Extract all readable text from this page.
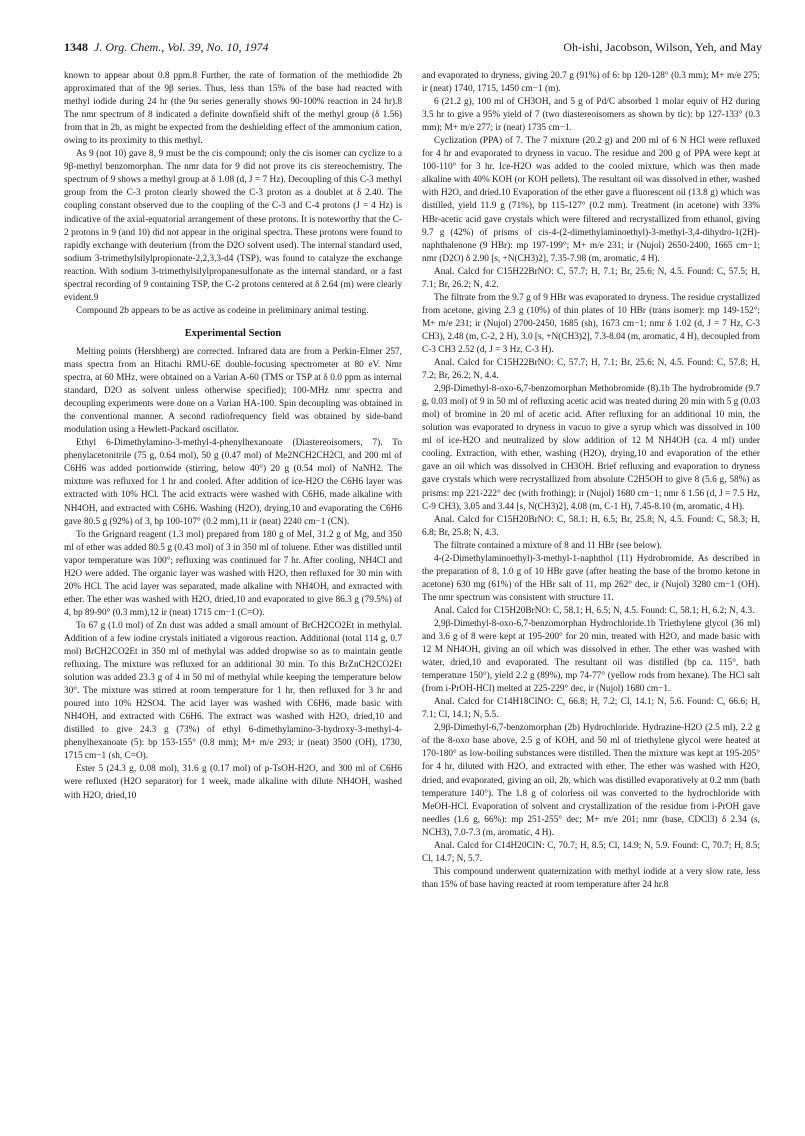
1348 J. Org. Chem., Vol. 39, No. 10, 1974	Oh-ishi, Jacobson, Wilson, Yeh, and May

known to appear about 0.8 ppm.8 Further, the rate of formation of the methiodide 2b approximated that of the 9β series. Thus, less than 15% of the base had reacted with methyl iodide during 24 hr (the 9α series generally shows 90-100% reaction in 24 hr).8 The nmr spectrum of 8 indicated a definite downfield shift of the methyl group (δ 1.56) from that in 2b, as might be expected from the deshielding effect of the ammonium cation, owing to its proximity to this methyl.

As 9 (not 10) gave 8, 9 must be the cis compound; only the cis isomer can cyclize to a 9β-methyl benzomorphan. The nmr data for 9 did not prove its cis stereochemistry. The spectrum of 9 shows a methyl group at δ 1.08 (d, J = 7 Hz). Decoupling of this C-3 methyl group from the C-3 proton clearly showed the C-3 proton as a doublet at δ 2.40. The coupling constant observed due to the coupling of the C-3 and C-4 protons (J = 4 Hz) is indicative of the axial-equatorial arrangement of these protons. It is noteworthy that the C-2 protons in 9 (and 10) did not appear in the original spectra. These protons were found to rapidly exchange with deuterium (from the D2O solvent used). The internal standard used, sodium 3-trimethylsilylpropionate-2,2,3,3-d4 (TSP), was found to catalyze the exchange reaction. With sodium 3-trimethylsilylpropanesulfonate as the internal standard, or a fast spectral recording of 9 containing TSP, the C-2 protons centered at δ 2.64 (m) were clearly evident.9

Compound 2b appears to be as active as codeine in preliminary animal testing.

Experimental Section

Melting points (Hershberg) are corrected. Infrared data are from a Perkin-Elmer 257, mass spectra from an Hitachi RMU-6E double-focusing spectrometer at 80 eV. Nmr spectra, at 60 MHz, were obtained on a Varian A-60 (TMS or TSP at δ 0.0 ppm as internal standard, D2O as solvent unless otherwise specified); 100-MHz nmr spectra and decoupling experiments were done on a Varian HA-100. Spin decoupling was obtained in the conventional manner. A second radiofrequency field was obtained by side-band modulation using a Hewlett-Packard oscillator.

Ethyl 6-Dimethylamino-3-methyl-4-phenylhexanoate (Diastereoisomers, 7). To phenylacetonitrile (75 g, 0.64 mol), 50 g (0.47 mol) of Me2NCH2CH2Cl, and 200 ml of C6H6 was added portionwide (stirring, below 40°) 20 g (0.54 mol) of NaNH2. The mixture was refluxed for 1 hr and cooled. After addition of ice-H2O the C6H6 layer was extracted with 10% HCl. The acid extracts were washed with C6H6, made alkaline with NH4OH, and extracted with C6H6. Washing (H2O), drying,10 and evaporating the C6H6 gave 80.5 g (92%) of 3, bp 100-107° (0.2 mm),11 ir (neat) 2240 cm−1 (CN).

To the Grignard reagent (1.3 mol) prepared from 180 g of MeI, 31.2 g of Mg, and 350 ml of ether was added 80.5 g (0.43 mol) of 3 in 350 ml of toluene. Ether was distilled until vapor temperature was 100°; refluxing was continued for 7 hr. After cooling, NH4Cl and H2O were added. The organic layer was washed with H2O, then refluxed for 30 min with 20% HCl. The acid layer was separated, made alkaline with NH4OH, and extracted with ether. The ether was washed with H2O, dried,10 and evaporated to give 86.3 g (79.5%) of 4, bp 89-90° (0.3 mm),12 ir (neat) 1715 cm−1 (C=O).

To 67 g (1.0 mol) of Zn dust was added a small amount of BrCH2CO2Et in methylal. Addition of a few iodine crystals initiated a vigorous reaction. Additional (total 114 g, 0.7 mol) BrCH2CO2Et in 350 ml of methylal was added dropwise so as to maintain gentle refluxing. The mixture was refluxed for an additional 30 min. To this BrZnCH2CO2Et solution was added 23.3 g of 4 in 50 ml of methylal while keeping the temperature below 30°. The mixture was stirred at room temperature for 1 hr, then refluxed for 3 hr and poured into 10% H2SO4. The acid layer was washed with C6H6, made basic with NH4OH, and extracted with C6H6. The extract was washed with H2O, dried,10 and distilled to give 24.3 g (73%) of ethyl 6-dimethylamino-3-hydroxy-3-methyl-4-phenylhexanoate (5): bp 153-155° (0.8 mm); M+ m/e 293; ir (neat) 3500 (OH), 1730, 1715 cm−1 (sh, C=O).

Ester 5 (24.3 g, 0.08 mol), 31.6 g (0.17 mol) of p-TsOH-H2O, and 300 ml of C6H6 were refluxed (H2O separator) for 1 week, made alkaline with dilute NH4OH, washed with H2O, dried,10

and evaporated to dryness, giving 20.7 g (91%) of 6: bp 120-128° (0.3 mm); M+ m/e 275; ir (neat) 1740, 1715, 1450 cm−1 (m).

6 (21.2 g), 100 ml of CH3OH, and 5 g of Pd/C absorbed 1 molar equiv of H2 during 3.5 hr to give a 95% yield of 7 (two diastereoisomers as shown by tlc): bp 127-133° (0.3 mm); M+ m/e 277; ir (neat) 1735 cm−1.

Cyclization (PPA) of 7. The 7 mixture (20.2 g) and 200 ml of 6 N HCl were refluxed for 4 hr and evaporated to dryness in vacuo. The residue and 200 g of PPA were kept at 100-110° for 3 hr. Ice-H2O was added to the cooled mixture, which was then made alkaline with 40% KOH (or KOH pellets). The resultant oil was dissolved in ether, washed with H2O, and dried.10 Evaporation of the ether gave a fluorescent oil (13.8 g) which was distilled, yield 11.9 g (71%), bp 115-127° (0.2 mm). Treatment (in acetone) with 33% HBr-acetic acid gave crystals which were filtered and recrystallized from ethanol, giving 9.7 g (42%) of prisms of cis-4-(2-dimethylaminoethyl)-3-methyl-3,4-dihydro-1(2H)-naphthalenone (9 HBr): mp 197-199°; M+ m/e 231; ir (Nujol) 2650-2400, 1665 cm−1; nmr (D2O) δ 2.90 [s, +N(CH3)2], 7.35-7.98 (m, aromatic, 4 H).

Anal. Calcd for C15H22BrNO: C, 57.7; H, 7.1; Br, 25.6; N, 4.5. Found: C, 57.5; H, 7.1; Br, 26.2; N, 4.2.

The filtrate from the 9.7 g of 9 HBr was evaporated to dryness. The residue crystallized from acetone, giving 2.3 g (10%) of thin plates of 10 HBr (trans isomer): mp 149-152°; M+ m/e 231; ir (Nujol) 2700-2450, 1685 (sh), 1673 cm−1; nmr δ 1.02 (d, J = 7 Hz, C-3 CH3), 2.48 (m, C-2, 2 H), 3.0 [s, +N(CH3)2], 7.3-8.04 (m, aromatic, 4 H), decoupled from C-3 CH3 2.52 (d, J = 3 Hz, C-3 H).

Anal. Calcd for C15H22BrNO: C, 57.7; H, 7.1; Br, 25.6; N, 4.5. Found: C, 57.8; H, 7.2; Br, 26.2; N, 4.4.

2,9β-Dimethyl-8-oxo-6,7-benzomorphan Methobromide (8).1b The hydrobromide (9.7 g, 0.03 mol) of 9 in 50 ml of refluxing acetic acid was treated during 20 min with 5 g (0.03 mol) of bromine in 20 ml of acetic acid. After refluxing for an additional 10 min, the solution was evaporated to dryness in vacuo to give a syrup which was dissolved in 100 ml of ice-H2O and neutralized by slow addition of 12 M NH4OH (ca. 4 ml) under cooling. Extraction, with ether, washing (H2O), drying,10 and evaporation of the ether gave an oil which was dissolved in CH3OH. Brief refluxing and evaporation to dryness gave crystals which were recrystallized from absolute C2H5OH to give 8 (5.6 g, 58%) as prisms: mp 221-222° dec (with frothing); ir (Nujol) 1680 cm−1; nmr δ 1.56 (d, J = 7.5 Hz, C-9 CH3), 3.05 and 3.44 [s, N(CH3)2], 4.08 (m, C-1 H), 7.45-8.10 (m, aromatic, 4 H).

Anal. Calcd for C15H20BrNO: C, 58.1; H, 6.5; Br, 25.8; N, 4.5. Found: C, 58.3; H, 6.8; Br, 25.8; N, 4.3.

The filtrate contained a mixture of 8 and 11 HBr (see below).

4-(2-Dimethylaminoethyl)-3-methyl-1-naphthol (11) Hydrobromide. As described in the preparation of 8, 1.0 g of 10 HBr gave (after heating the base of the bromo ketone in acetone) 630 mg (61%) of the HBr salt of 11, mp 262° dec, ir (Nujol) 3280 cm−1 (OH). The nmr spectrum was consistent with structure 11.

Anal. Calcd for C15H20BrNO: C, 58.1; H, 6.5; N, 4.5. Found: C, 58.1; H, 6.2; N, 4.3.

2,9β-Dimethyl-8-oxo-6,7-benzomorphan Hydrochloride.1b Triethylene glycol (36 ml) and 3.6 g of 8 were kept at 195-200° for 20 min, treated with H2O, and made basic with 12 M NH4OH, giving an oil which was dissolved in ether. The ether was washed with water, dried,10 and evaporated. The resultant oil was distilled (bp ca. 115°, bath temperature 150°), yield 2.2 g (89%), mp 74-77° (yellow rods from hexane). The HCl salt (from i-PrOH-HCl) melted at 225-229° dec, ir (Nujol) 1680 cm−1.

Anal. Calcd for C14H18ClNO: C, 66.8; H, 7.2; Cl, 14.1; N, 5.6. Found: C, 66.6; H, 7.1; Cl, 14.1; N, 5.5.

2,9β-Dimethyl-6,7-benzomorphan (2b) Hydrochloride. Hydrazine-H2O (2.5 ml), 2.2 g of the 8-oxo base above, 2.5 g of KOH, and 50 ml of triethylene glycol were heated at 170-180° as low-boiling substances were distilled. Then the mixture was kept at 195-205° for 4 hr, diluted with H2O, and extracted with ether. The ether was washed with H2O, dried, and evaporated, giving an oil, 2b, which was distilled evaporatively at 0.2 mm (bath temperature 140°). The 1.8 g of colorless oil was converted to the hydrochloride with MeOH-HCl. Evaporation of solvent and crystallization of the residue from i-PrOH gave needles (1.6 g, 66%): mp 251-255° dec; M+ m/e 201; nmr (base, CDCl3) δ 2.34 (s, NCH3), 7.0-7.3 (m, aromatic, 4 H).

Anal. Calcd for C14H20ClN: C, 70.7; H, 8.5; Cl, 14.9; N, 5.9. Found: C, 70.7; H, 8.5; Cl, 14.7; N, 5.7.

This compound underwent quaternization with methyl iodide at a very slow rate, less than 15% of base having reacted at room temperature after 24 hr.8
